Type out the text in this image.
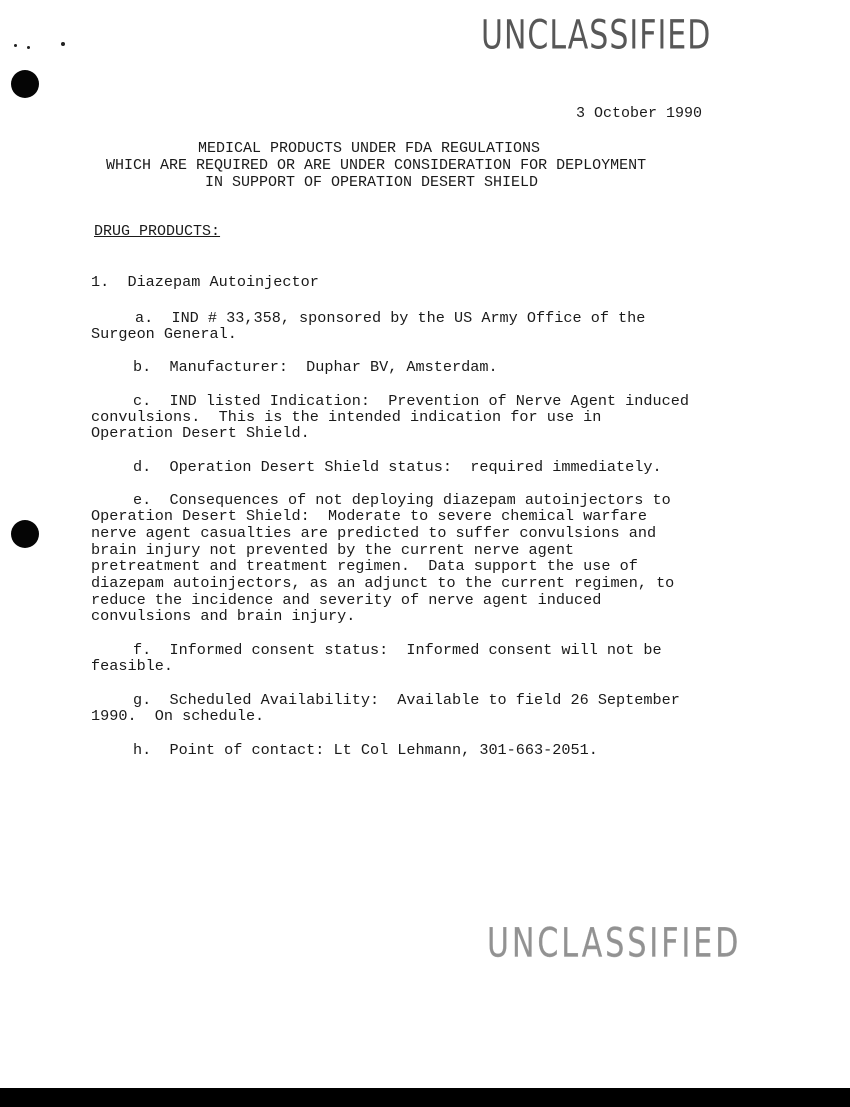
UNCLASSIFIED
UNCLASSIFIED
3 October 1990
MEDICAL PRODUCTS UNDER FDA REGULATIONS
WHICH ARE REQUIRED OR ARE UNDER CONSIDERATION FOR DEPLOYMENT
IN SUPPORT OF OPERATION DESERT SHIELD
DRUG PRODUCTS:
1.  Diazepam Autoinjector
a.  IND # 33,358, sponsored by the US Army Office of the
Surgeon General.
b.  Manufacturer:  Duphar BV, Amsterdam.
c.  IND listed Indication:  Prevention of Nerve Agent induced
convulsions.  This is the intended indication for use in
Operation Desert Shield.
d.  Operation Desert Shield status:  required immediately.
e.  Consequences of not deploying diazepam autoinjectors to
Operation Desert Shield:  Moderate to severe chemical warfare
nerve agent casualties are predicted to suffer convulsions and
brain injury not prevented by the current nerve agent
pretreatment and treatment regimen.  Data support the use of
diazepam autoinjectors, as an adjunct to the current regimen, to
reduce the incidence and severity of nerve agent induced
convulsions and brain injury.
f.  Informed consent status:  Informed consent will not be
feasible.
g.  Scheduled Availability:  Available to field 26 September
1990.  On schedule.
h.  Point of contact: Lt Col Lehmann, 301-663-2051.
